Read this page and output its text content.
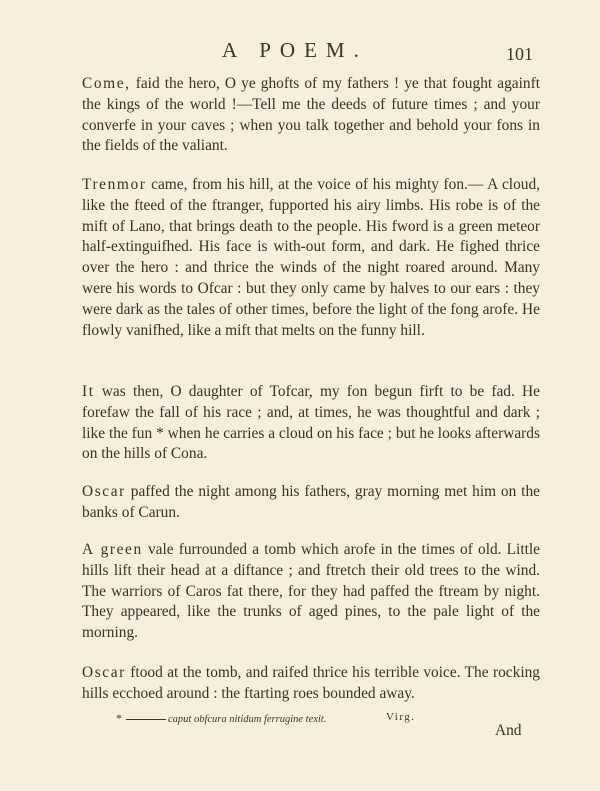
A POEM.	101

Come, faid the hero, O ye ghofts of my fathers ! ye that fought againft the kings of the world !—Tell me the deeds of future times ; and your converfe in your caves ; when you talk together and behold your fons in the fields of the valiant.

Trenmor came, from his hill, at the voice of his mighty fon.— A cloud, like the fteed of the ftranger, fupported his airy limbs. His robe is of the mift of Lano, that brings death to the people. His fword is a green meteor half-extinguifhed. His face is with-out form, and dark. He fighed thrice over the hero : and thrice the winds of the night roared around. Many were his words to Ofcar : but they only came by halves to our ears : they were dark as the tales of other times, before the light of the fong arofe. He flowly vanifhed, like a mift that melts on the funny hill.

It was then, O daughter of Tofcar, my fon begun firft to be fad. He forefaw the fall of his race ; and, at times, he was thoughtful and dark ; like the fun * when he carries a cloud on his face ; but he looks afterwards on the hills of Cona.

Oscar paffed the night among his fathers, gray morning met him on the banks of Carun.

A green vale furrounded a tomb which arofe in the times of old. Little hills lift their head at a diftance ; and ftretch their old trees to the wind. The warriors of Caros fat there, for they had paffed the ftream by night. They appeared, like the trunks of aged pines, to the pale light of the morning.

Oscar ftood at the tomb, and raifed thrice his terrible voice. The rocking hills ecchoed around : the ftarting roes bounded away.

*	caput obfcura nitidum ferrugine texit.	Virg.
And
